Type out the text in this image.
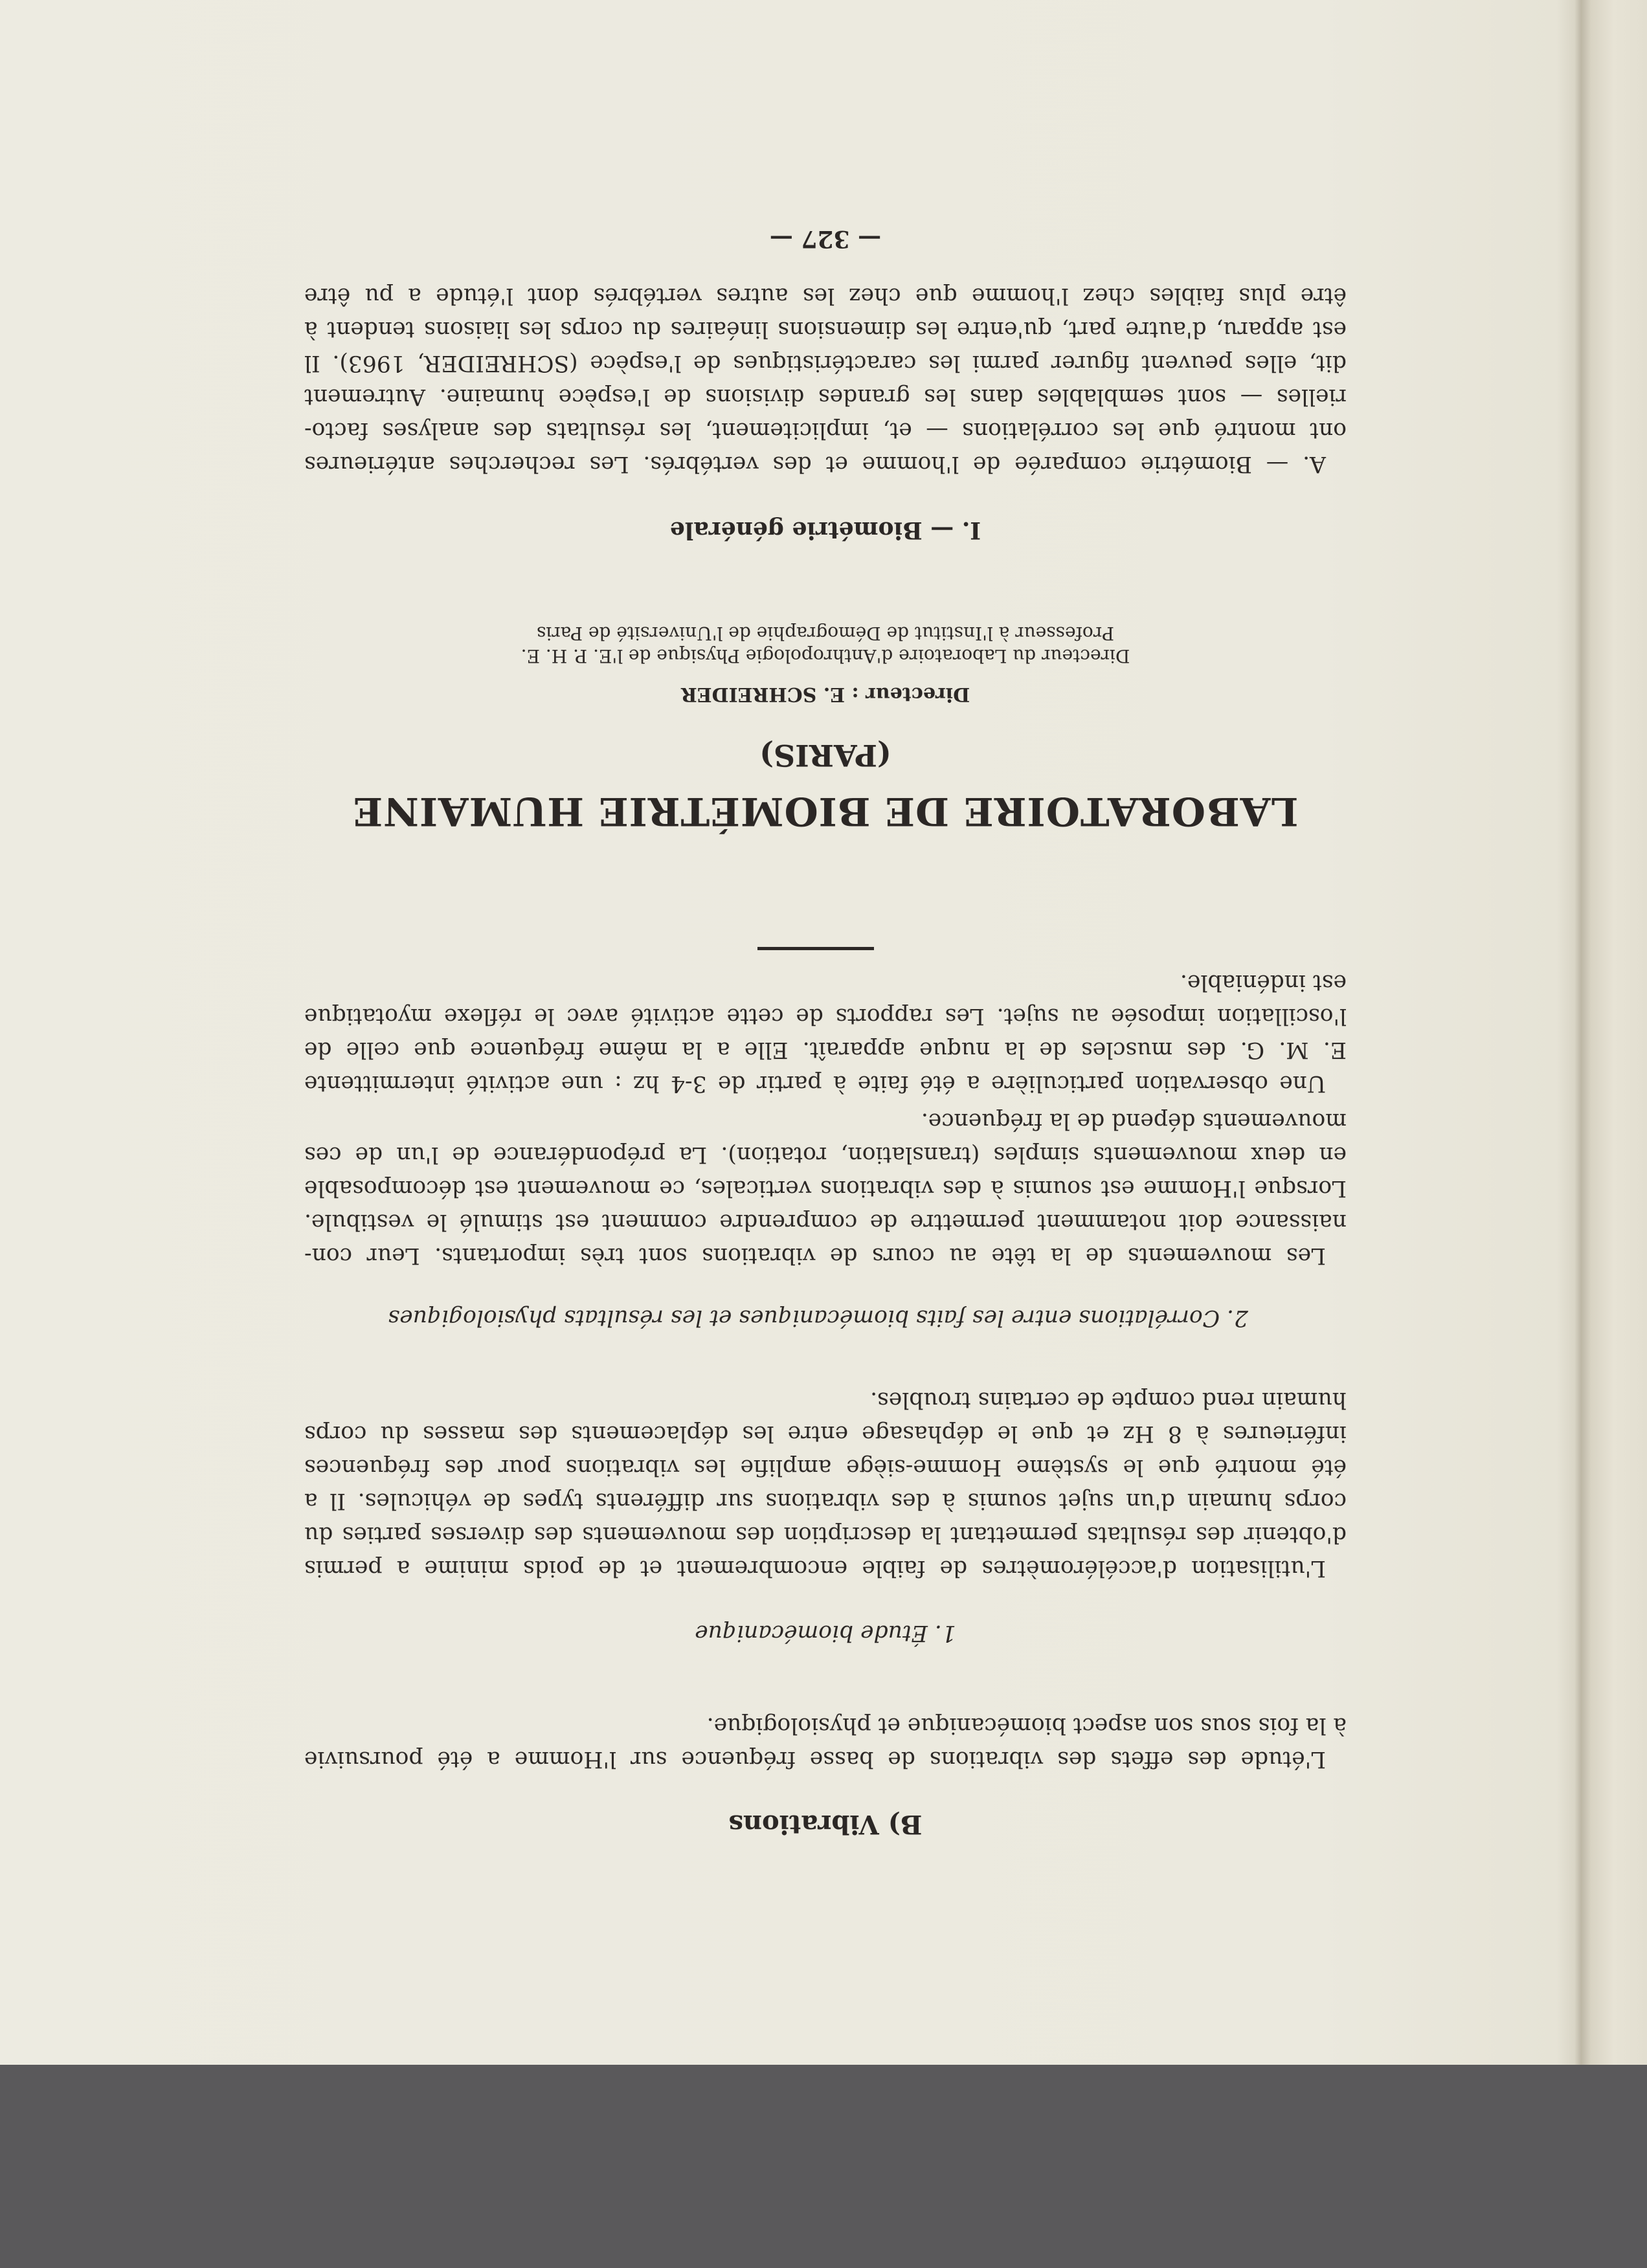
B) Vibrations
L'étude des effets des vibrations de basse fréquence sur l'Homme a été poursuivie
à la fois sous son aspect biomécanique et physiologique.
1. Étude biomécanique
L'utilisation d'accéléromètres de faible encombrement et de poids minime a permis
d'obtenir des résultats permettant la description des mouvements des diverses parties du
corps humain d'un sujet soumis à des vibrations sur différents types de véhicules. Il a
été montré que le système Homme-siège amplifie les vibrations pour des fréquences
inférieures à 8 Hz et que le déphasage entre les déplacements des masses du corps
humain rend compte de certains troubles.
2. Corrélations entre les faits biomécaniques et les résultats physiologiques
Les mouvements de la tête au cours de vibrations sont très importants. Leur con-
naissance doit notamment permettre de comprendre comment est stimulé le vestibule.
Lorsque l'Homme est soumis à des vibrations verticales, ce mouvement est décomposable
en deux mouvements simples (translation, rotation). La prépondérance de l'un de ces
mouvements dépend de la fréquence.
Une observation particulière a été faite à partir de 3-4 hz : une activité intermittente
E. M. G. des muscles de la nuque apparaît. Elle a la même fréquence que celle de
l'oscillation imposée au sujet. Les rapports de cette activité avec le réflexe myotatique
est indéniable.
LABORATOIRE DE BIOMÉTRIE HUMAINE
(PARIS)
Directeur : E. SCHREIDER
Directeur du Laboratoire d'Anthropologie Physique de l'E. P. H. E.
Professeur à l'Institut de Démographie de l'Université de Paris
I. — Biométrie générale
A. — Biométrie comparée de l'homme et des vertébrés. Les recherches antérieures
ont montré que les corrélations — et, implicitement, les résultats des analyses facto-
rielles — sont semblables dans les grandes divisions de l'espèce humaine. Autrement
dit, elles peuvent figurer parmi les caractéristiques de l'espèce (SCHREIDER, 1963). Il
est apparu, d'autre part, qu'entre les dimensions linéaires du corps les liaisons tendent à
être plus faibles chez l'homme que chez les autres vertébrés dont l'étude a pu être
— 327 —
